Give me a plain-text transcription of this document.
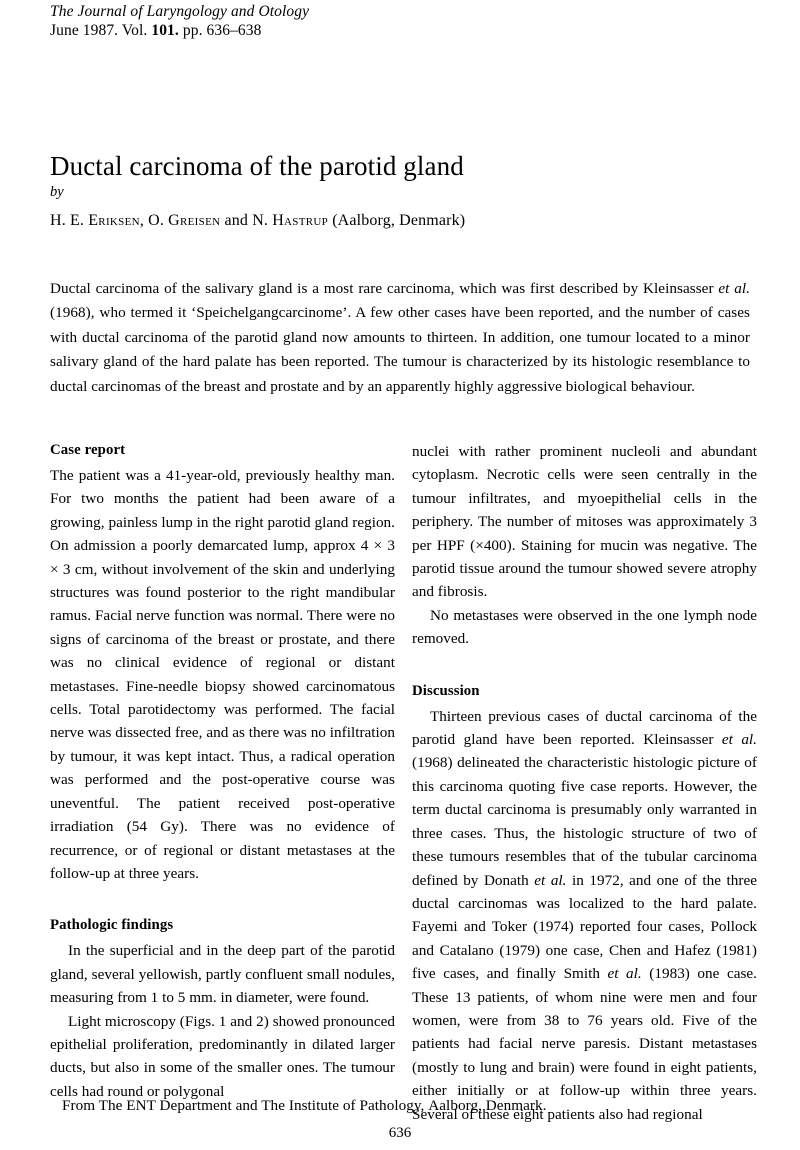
The Journal of Laryngology and Otology
June 1987. Vol. 101. pp. 636–638
Ductal carcinoma of the parotid gland
by
H. E. Eriksen, O. Greisen and N. Hastrup (Aalborg, Denmark)
Ductal carcinoma of the salivary gland is a most rare carcinoma, which was first described by Kleinsasser et al. (1968), who termed it ‘Speichelgangcarcinome’. A few other cases have been reported, and the number of cases with ductal carcinoma of the parotid gland now amounts to thirteen. In addition, one tumour located to a minor salivary gland of the hard palate has been reported. The tumour is characterized by its histologic resemblance to ductal carcinomas of the breast and prostate and by an apparently highly aggressive biological behaviour.
Case report

The patient was a 41-year-old, previously healthy man. For two months the patient had been aware of a growing, painless lump in the right parotid gland region. On admission a poorly demarcated lump, approx 4 × 3 × 3 cm, without involvement of the skin and underlying structures was found posterior to the right mandibular ramus. Facial nerve function was normal. There were no signs of carcinoma of the breast or prostate, and there was no clinical evidence of regional or distant metastases. Fine-needle biopsy showed carcinomatous cells. Total parotidectomy was performed. The facial nerve was dissected free, and as there was no infiltration by tumour, it was kept intact. Thus, a radical operation was performed and the post-operative course was uneventful. The patient received post-operative irradiation (54 Gy). There was no evidence of recurrence, or of regional or distant metastases at the follow-up at three years.

Pathologic findings

In the superficial and in the deep part of the parotid gland, several yellowish, partly confluent small nodules, measuring from 1 to 5 mm. in diameter, were found.

Light microscopy (Figs. 1 and 2) showed pronounced epithelial proliferation, predominantly in dilated larger ducts, but also in some of the smaller ones. The tumour cells had round or polygonal

nuclei with rather prominent nucleoli and abundant cytoplasm. Necrotic cells were seen centrally in the tumour infiltrates, and myoepithelial cells in the periphery. The number of mitoses was approximately 3 per HPF (×400). Staining for mucin was negative. The parotid tissue around the tumour showed severe atrophy and fibrosis.

No metastases were observed in the one lymph node removed.

Discussion

Thirteen previous cases of ductal carcinoma of the parotid gland have been reported. Kleinsasser et al. (1968) delineated the characteristic histologic picture of this carcinoma quoting five case reports. However, the term ductal carcinoma is presumably only warranted in three cases. Thus, the histologic structure of two of these tumours resembles that of the tubular carcinoma defined by Donath et al. in 1972, and one of the three ductal carcinomas was localized to the hard palate. Fayemi and Toker (1974) reported four cases, Pollock and Catalano (1979) one case, Chen and Hafez (1981) five cases, and finally Smith et al. (1983) one case. These 13 patients, of whom nine were men and four women, were from 38 to 76 years old. Five of the patients had facial nerve paresis. Distant metastases (mostly to lung and brain) were found in eight patients, either initially or at follow-up within three years. Several of these eight patients also had regional

From The ENT Department and The Institute of Pathology, Aalborg, Denmark.
636
